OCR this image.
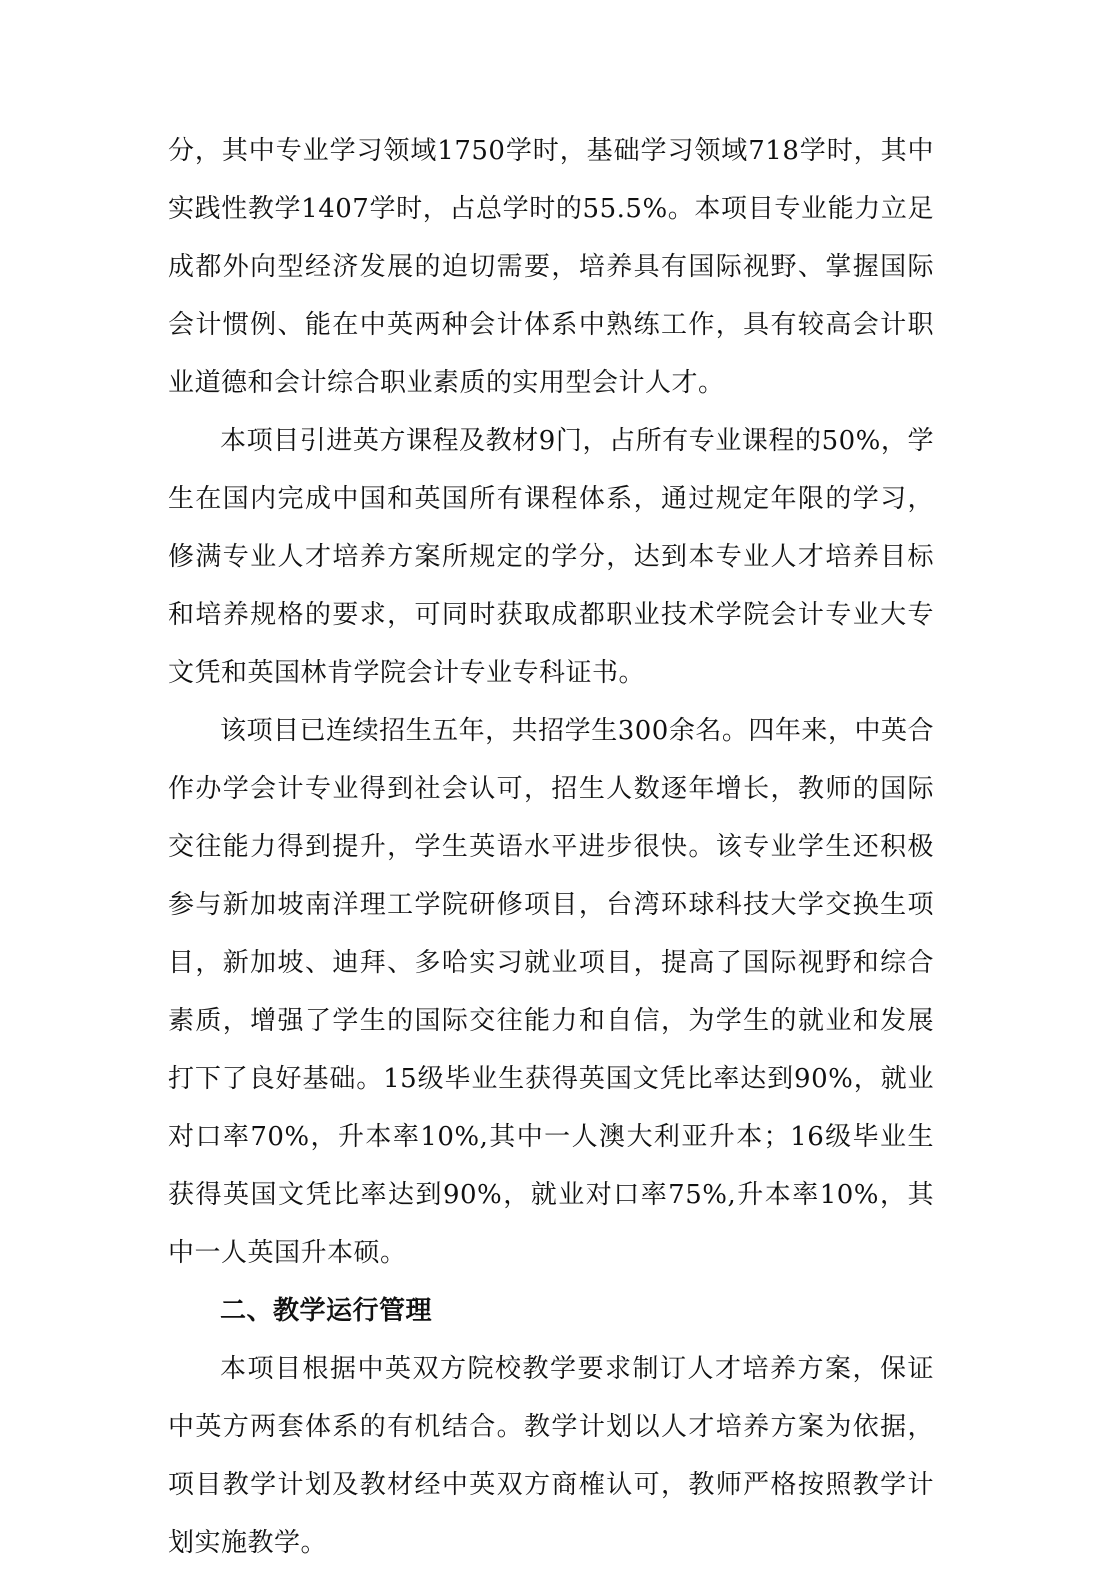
分，其中专业学习领域1750学时，基础学习领域718学时，其中实践性教学1407学时，占总学时的55.5%。本项目专业能力立足成都外向型经济发展的迫切需要，培养具有国际视野、掌握国际会计惯例、能在中英两种会计体系中熟练工作，具有较高会计职业道德和会计综合职业素质的实用型会计人才。

本项目引进英方课程及教材9门，占所有专业课程的50%，学生在国内完成中国和英国所有课程体系，通过规定年限的学习，修满专业人才培养方案所规定的学分，达到本专业人才培养目标和培养规格的要求，可同时获取成都职业技术学院会计专业大专文凭和英国林肯学院会计专业专科证书。

该项目已连续招生五年，共招学生300余名。四年来，中英合作办学会计专业得到社会认可，招生人数逐年增长，教师的国际交往能力得到提升，学生英语水平进步很快。该专业学生还积极参与新加坡南洋理工学院研修项目，台湾环球科技大学交换生项目，新加坡、迪拜、多哈实习就业项目，提高了国际视野和综合素质，增强了学生的国际交往能力和自信，为学生的就业和发展打下了良好基础。15级毕业生获得英国文凭比率达到90%，就业对口率70%，升本率10%,其中一人澳大利亚升本；16级毕业生获得英国文凭比率达到90%，就业对口率75%,升本率10%，其中一人英国升本硕。

二、教学运行管理

本项目根据中英双方院校教学要求制订人才培养方案，保证中英方两套体系的有机结合。教学计划以人才培养方案为依据，项目教学计划及教材经中英双方商榷认可，教师严格按照教学计划实施教学。
